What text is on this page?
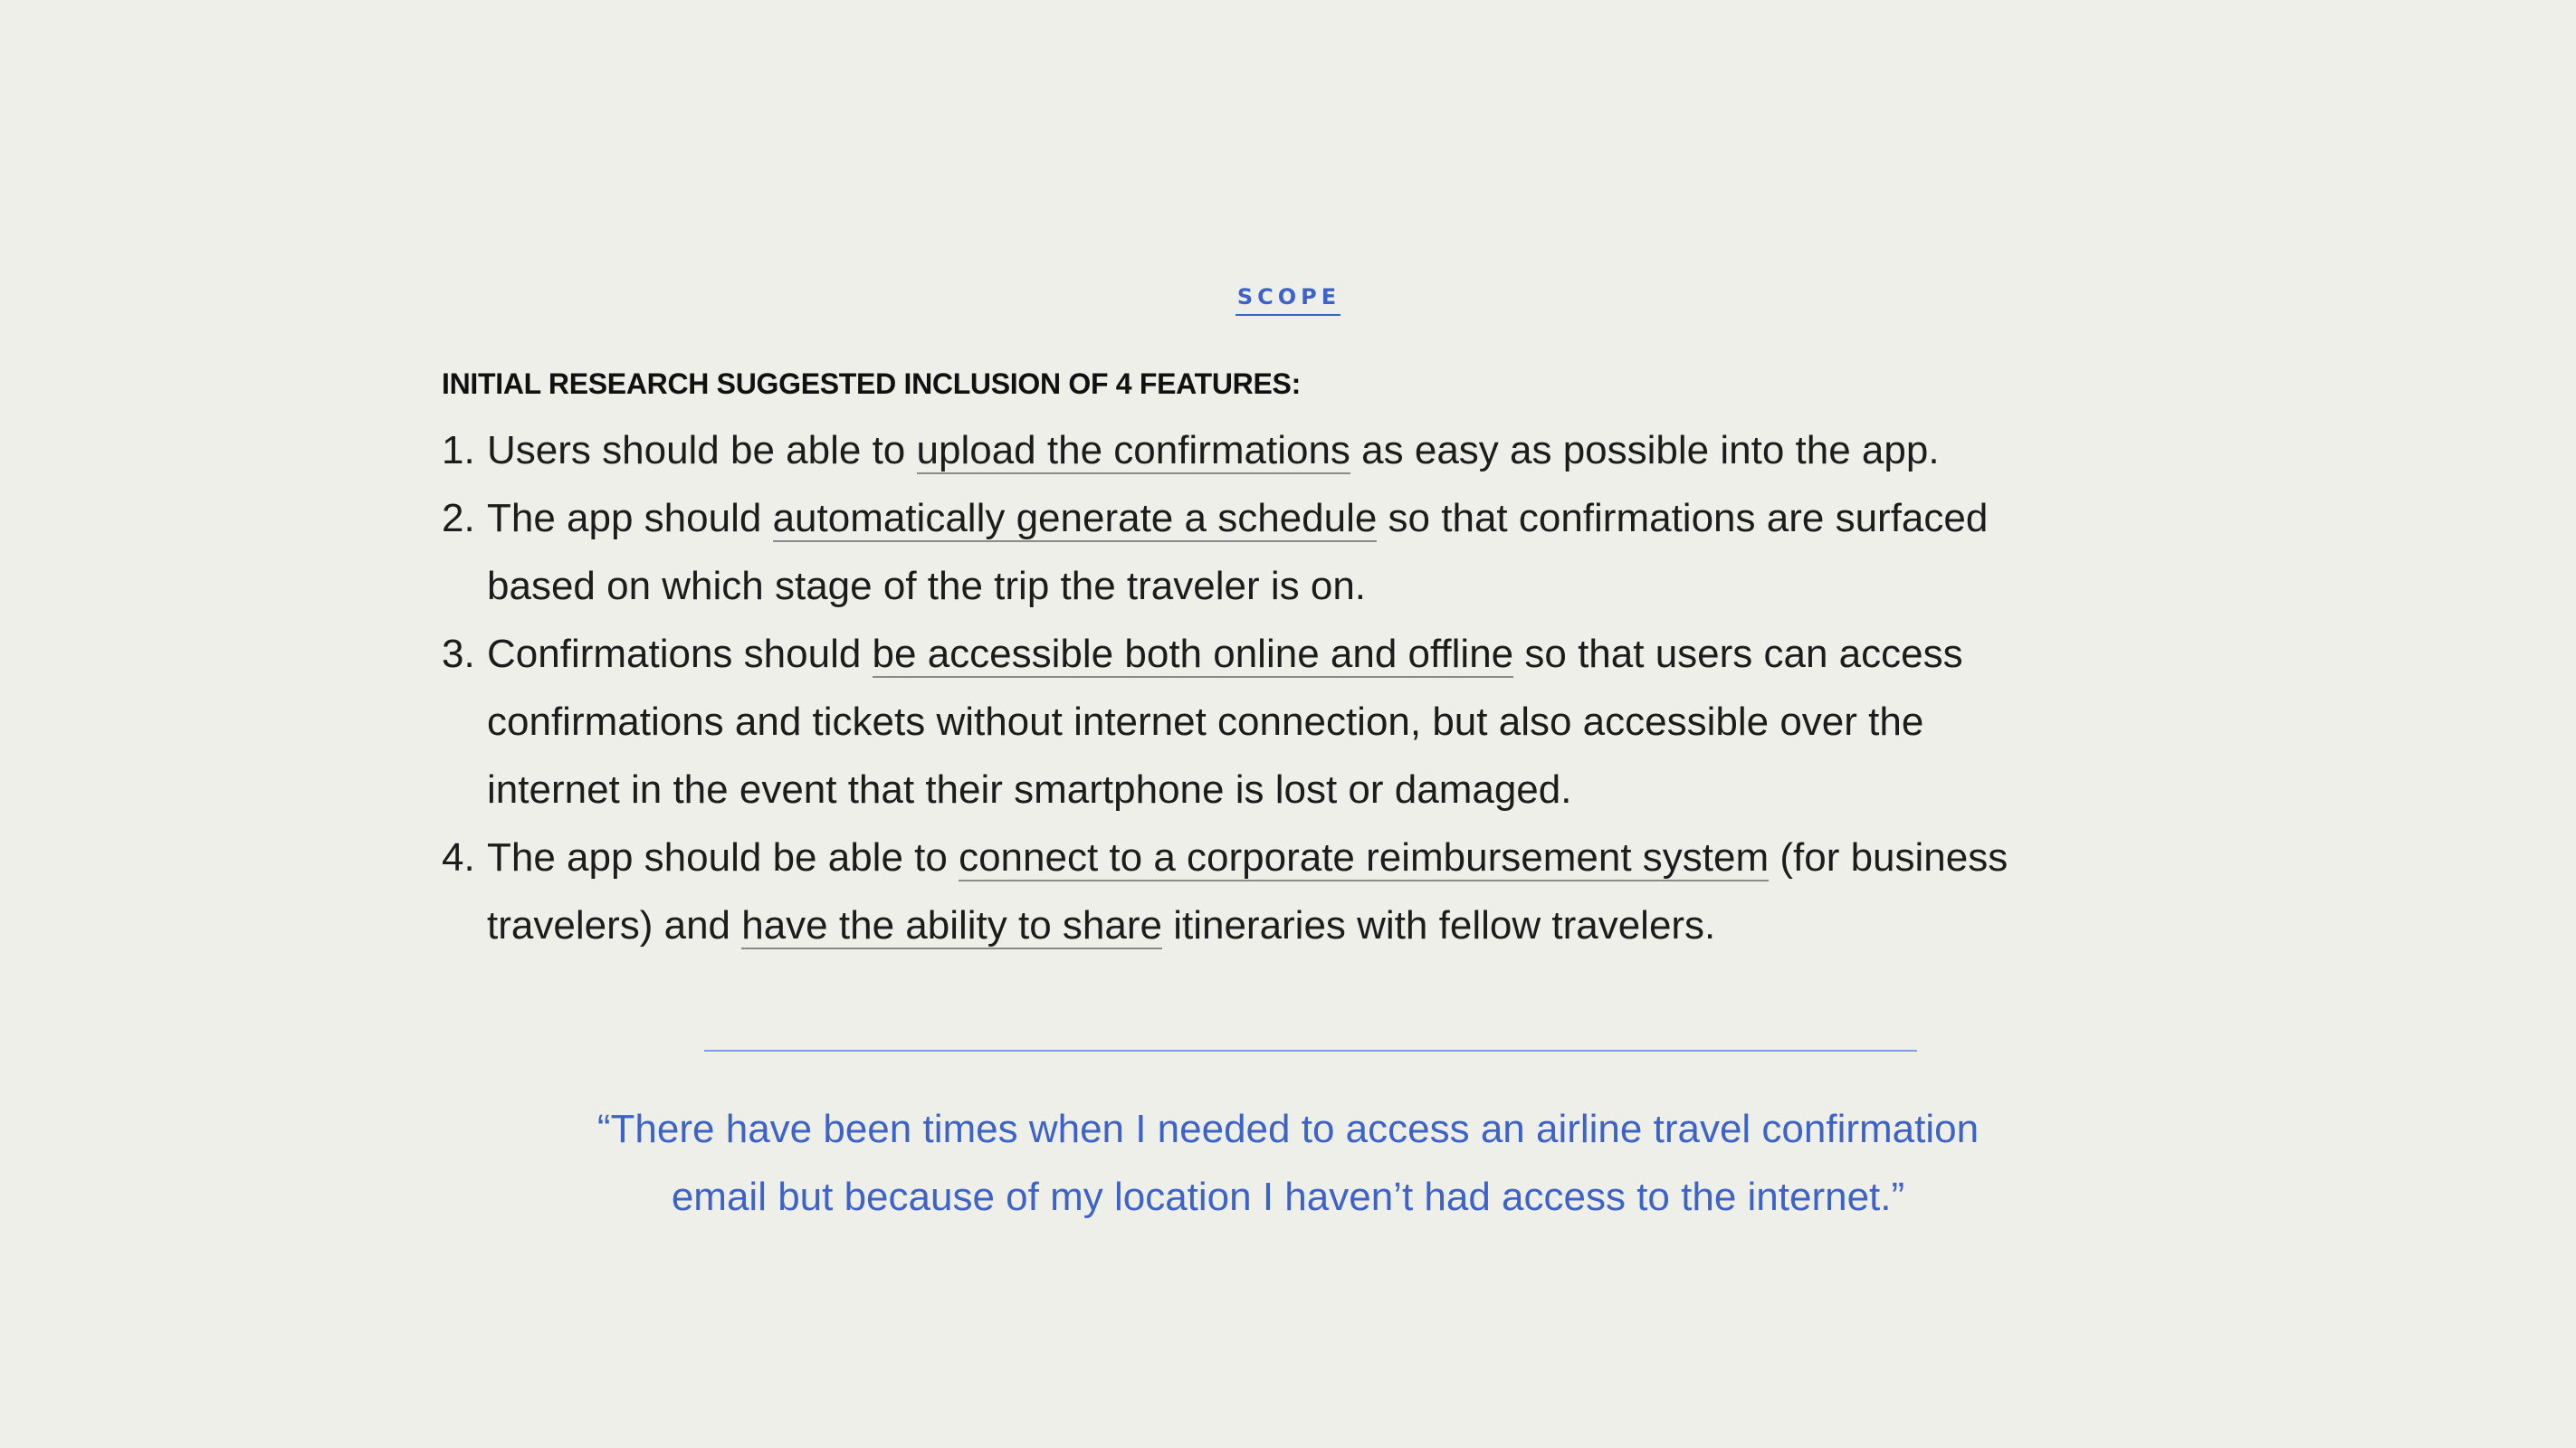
SCOPE
INITIAL RESEARCH SUGGESTED INCLUSION OF 4 FEATURES:
1. Users should be able to upload the confirmations as easy as possible into the app.
2. The app should automatically generate a schedule so that confirmations are surfaced
based on which stage of the trip the traveler is on.
3. Confirmations should be accessible both online and offline so that users can access
confirmations and tickets without internet connection, but also accessible over the
internet in the event that their smartphone is lost or damaged.
4. The app should be able to connect to a corporate reimbursement system (for business
travelers) and have the ability to share itineraries with fellow travelers.
“There have been times when I needed to access an airline travel confirmation
email but because of my location I haven’t had access to the internet.”
